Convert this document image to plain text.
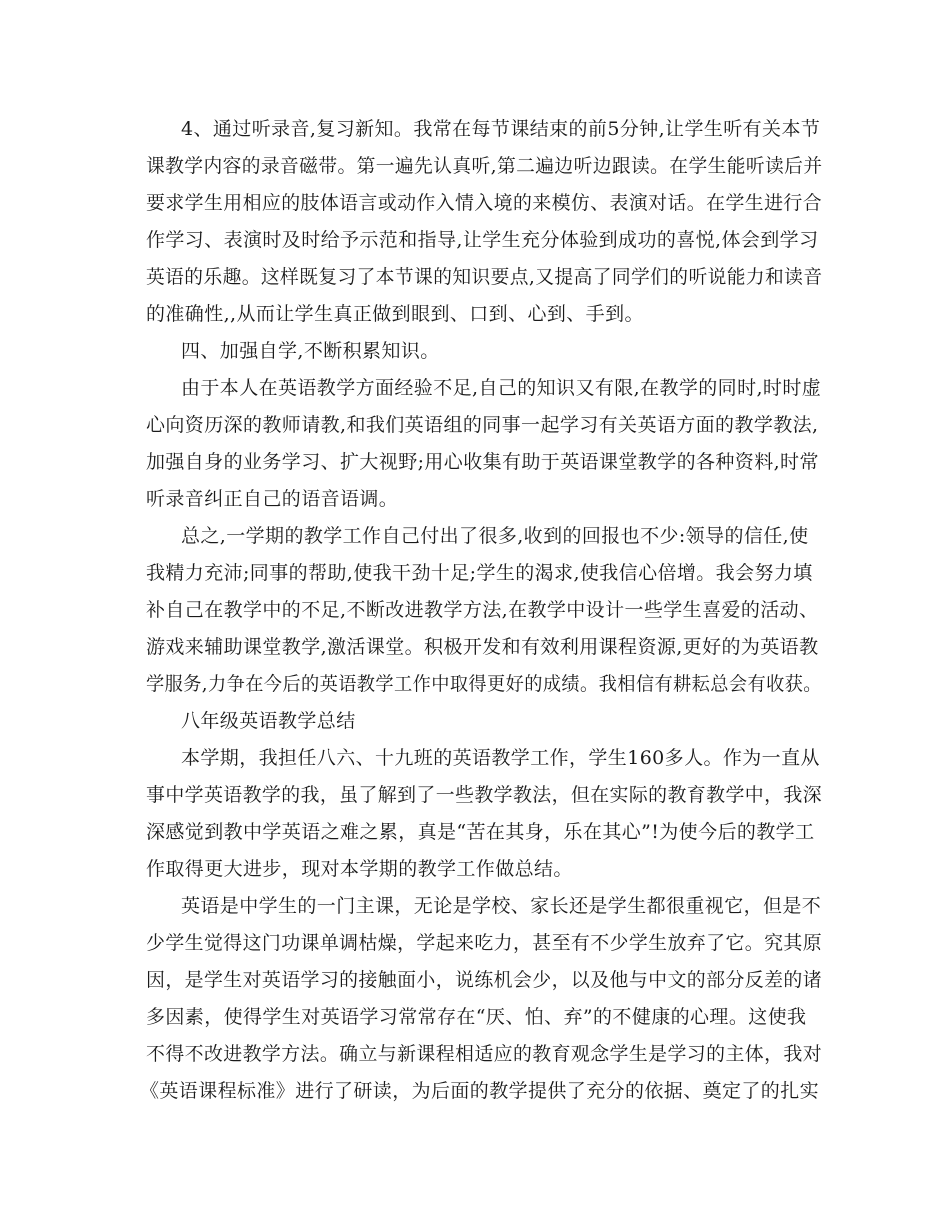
4、通过听录音,复习新知。我常在每节课结束的前5分钟,让学生听有关本节
课教学内容的录音磁带。第一遍先认真听,第二遍边听边跟读。在学生能听读后并
要求学生用相应的肢体语言或动作入情入境的来模仿、表演对话。在学生进行合
作学习、表演时及时给予示范和指导,让学生充分体验到成功的喜悦,体会到学习
英语的乐趣。这样既复习了本节课的知识要点,又提高了同学们的听说能力和读音
的准确性,,从而让学生真正做到眼到、口到、心到、手到。
四、加强自学,不断积累知识。
由于本人在英语教学方面经验不足,自己的知识又有限,在教学的同时,时时虚
心向资历深的教师请教,和我们英语组的同事一起学习有关英语方面的教学教法,
加强自身的业务学习、扩大视野;用心收集有助于英语课堂教学的各种资料,时常
听录音纠正自己的语音语调。
总之,一学期的教学工作自己付出了很多,收到的回报也不少:领导的信任,使
我精力充沛;同事的帮助,使我干劲十足;学生的渴求,使我信心倍增。我会努力填
补自己在教学中的不足,不断改进教学方法,在教学中设计一些学生喜爱的活动、
游戏来辅助课堂教学,激活课堂。积极开发和有效利用课程资源,更好的为英语教
学服务,力争在今后的英语教学工作中取得更好的成绩。我相信有耕耘总会有收获。
八年级英语教学总结
本学期，我担任八六、十九班的英语教学工作，学生160多人。作为一直从
事中学英语教学的我，虽了解到了一些教学教法，但在实际的教育教学中，我深
深感觉到教中学英语之难之累，真是“苦在其身，乐在其心”!为使今后的教学工
作取得更大进步，现对本学期的教学工作做总结。
英语是中学生的一门主课，无论是学校、家长还是学生都很重视它，但是不
少学生觉得这门功课单调枯燥，学起来吃力，甚至有不少学生放弃了它。究其原
因，是学生对英语学习的接触面小，说练机会少，以及他与中文的部分反差的诸
多因素，使得学生对英语学习常常存在“厌、怕、弃”的不健康的心理。这使我
不得不改进教学方法。确立与新课程相适应的教育观念学生是学习的主体，我对
《英语课程标准》进行了研读，为后面的教学提供了充分的依据、奠定了的扎实
